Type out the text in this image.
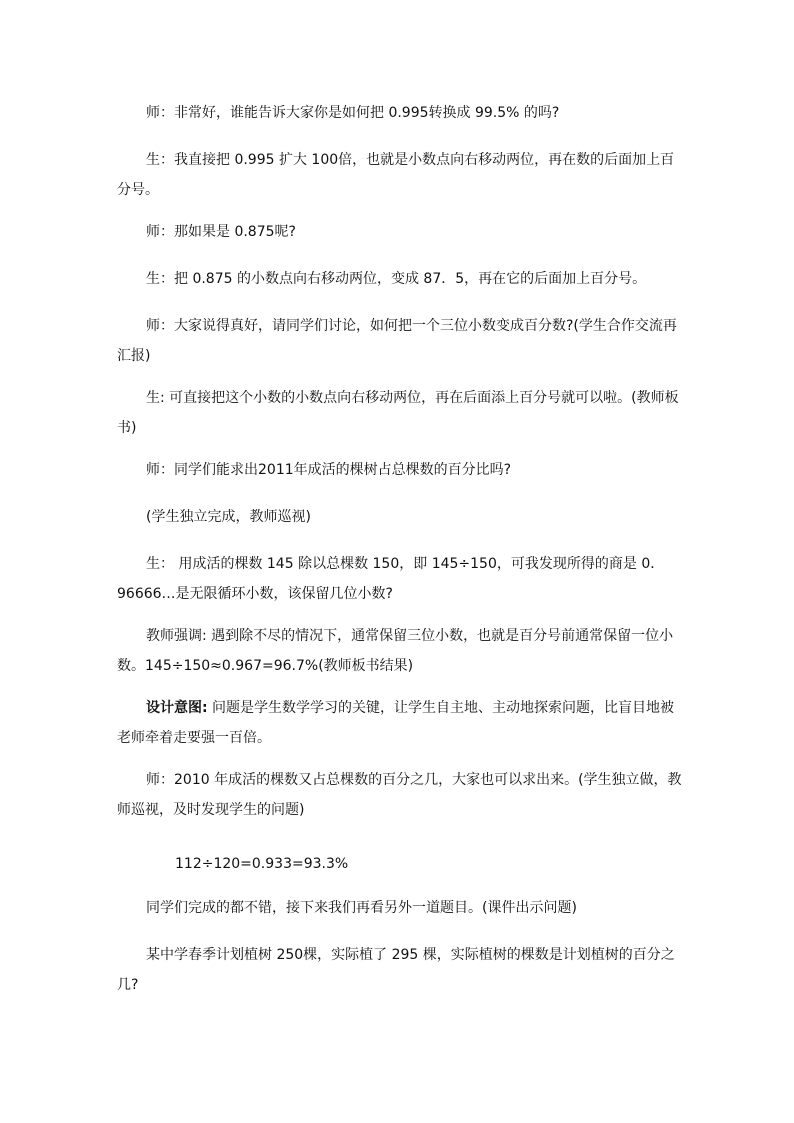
师：非常好，谁能告诉大家你是如何把 0.995转换成 99.5% 的吗?

生：我直接把 0.995 扩大 100倍，也就是小数点向右移动两位，再在数的后面加上百分号。

师：那如果是 0.875呢?

生：把 0.875 的小数点向右移动两位，变成 87．5，再在它的后面加上百分号。

师：大家说得真好，请同学们讨论，如何把一个三位小数变成百分数?(学生合作交流再汇报)

生: 可直接把这个小数的小数点向右移动两位，再在后面添上百分号就可以啦。(教师板书)

师：同学们能求出2011年成活的棵树占总棵数的百分比吗?

(学生独立完成，教师巡视)

生： 用成活的棵数 145 除以总棵数 150，即 145÷150，可我发现所得的商是 0．96666…是无限循环小数，该保留几位小数?

教师强调: 遇到除不尽的情况下，通常保留三位小数，也就是百分号前通常保留一位小数。145÷150≈0.967=96.7%(教师板书结果)

设计意图: 问题是学生数学学习的关键，让学生自主地、主动地探索问题，比盲目地被老师牵着走要强一百倍。

师：2010 年成活的棵数又占总棵数的百分之几，大家也可以求出来。(学生独立做，教师巡视，及时发现学生的问题)

112÷120=0.933=93.3%

同学们完成的都不错，接下来我们再看另外一道题目。(课件出示问题)

某中学春季计划植树 250棵，实际植了 295 棵，实际植树的棵数是计划植树的百分之几?
